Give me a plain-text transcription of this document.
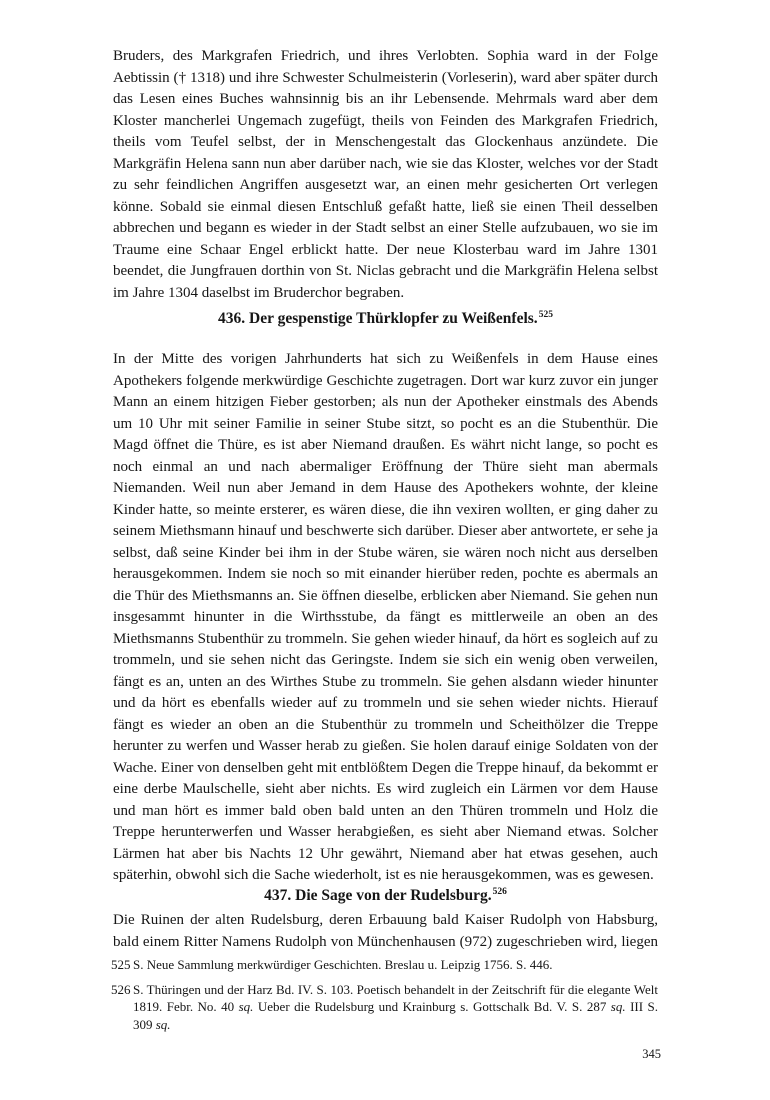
Bruders, des Markgrafen Friedrich, und ihres Verlobten. Sophia ward in der Folge Aebtissin († 1318) und ihre Schwester Schulmeisterin (Vorleserin), ward aber später durch das Lesen eines Buches wahnsinnig bis an ihr Lebensende. Mehrmals ward aber dem Kloster mancherlei Ungemach zugefügt, theils von Feinden des Markgrafen Friedrich, theils vom Teufel selbst, der in Menschengestalt das Glockenhaus anzündete. Die Markgräfin Helena sann nun aber darüber nach, wie sie das Kloster, welches vor der Stadt zu sehr feindlichen Angriffen ausgesetzt war, an einen mehr gesicherten Ort verlegen könne. Sobald sie einmal diesen Entschluß gefaßt hatte, ließ sie einen Theil desselben abbrechen und begann es wieder in der Stadt selbst an einer Stelle aufzubauen, wo sie im Traume eine Schaar Engel erblickt hatte. Der neue Klosterbau ward im Jahre 1301 beendet, die Jungfrauen dorthin von St. Niclas gebracht und die Markgräfin Helena selbst im Jahre 1304 daselbst im Bruderchor begraben.

436. Der gespenstige Thürklopfer zu Weißenfels.$^{525}$

In der Mitte des vorigen Jahrhunderts hat sich zu Weißenfels in dem Hause eines Apothekers folgende merkwürdige Geschichte zugetragen. Dort war kurz zuvor ein junger Mann an einem hitzigen Fieber gestorben; als nun der Apotheker einstmals des Abends um 10 Uhr mit seiner Familie in seiner Stube sitzt, so pocht es an die Stubenthür. Die Magd öffnet die Thüre, es ist aber Niemand draußen. Es währt nicht lange, so pocht es noch einmal an und nach abermaliger Eröffnung der Thüre sieht man abermals Niemanden. Weil nun aber Jemand in dem Hause des Apothekers wohnte, der kleine Kinder hatte, so meinte ersterer, es wären diese, die ihn vexiren wollten, er ging daher zu seinem Miethsmann hinauf und beschwerte sich darüber. Dieser aber antwortete, er sehe ja selbst, daß seine Kinder bei ihm in der Stube wären, sie wären noch nicht aus derselben herausgekommen. Indem sie noch so mit einander hierüber reden, pochte es abermals an die Thür des Miethsmanns an. Sie öffnen dieselbe, erblicken aber Niemand. Sie gehen nun insgesammt hinunter in die Wirthsstube, da fängt es mittlerweile an oben an des Miethsmanns Stubenthür zu trommeln. Sie gehen wieder hinauf, da hört es sogleich auf zu trommeln, und sie sehen nicht das Geringste. Indem sie sich ein wenig oben verweilen, fängt es an, unten an des Wirthes Stube zu trommeln. Sie gehen alsdann wieder hinunter und da hört es ebenfalls wieder auf zu trommeln und sie sehen wieder nichts. Hierauf fängt es wieder an oben an die Stubenthür zu trommeln und Scheithölzer die Treppe herunter zu werfen und Wasser herab zu gießen. Sie holen darauf einige Soldaten von der Wache. Einer von denselben geht mit entblößtem Degen die Treppe hinauf, da bekommt er eine derbe Maulschelle, sieht aber nichts. Es wird zugleich ein Lärmen vor dem Hause und man hört es immer bald oben bald unten an den Thüren trommeln und Holz die Treppe herunterwerfen und Wasser herabgießen, es sieht aber Niemand etwas. Solcher Lärmen hat aber bis Nachts 12 Uhr gewährt, Niemand aber hat etwas gesehen, auch späterhin, obwohl sich die Sache wiederholt, ist es nie herausgekommen, was es gewesen.

437. Die Sage von der Rudelsburg.$^{526}$

Die Ruinen der alten Rudelsburg, deren Erbauung bald Kaiser Rudolph von Habsburg, bald einem Ritter Namens Rudolph von Münchenhausen (972) zugeschrieben wird, liegen

525 S. Neue Sammlung merkwürdiger Geschichten. Breslau u. Leipzig 1756. S. 446.
526 S. Thüringen und der Harz Bd. IV. S. 103. Poetisch behandelt in der Zeitschrift für die elegante Welt 1819. Febr. No. 40 sq. Ueber die Rudelsburg und Krainburg s. Gottschalk Bd. V. S. 287 sq. III S. 309 sq.
345
